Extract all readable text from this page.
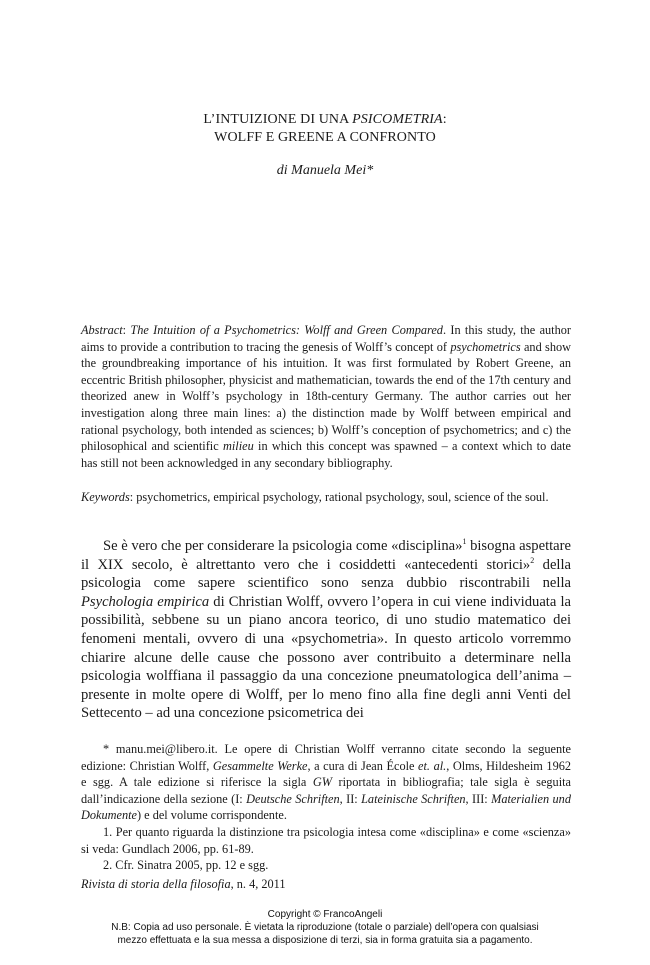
L’INTUIZIONE DI UNA PSICOMETRIA:
WOLFF E GREENE A CONFRONTO
di Manuela Mei*
Abstract: The Intuition of a Psychometrics: Wolff and Green Compared. In this study, the author aims to provide a contribution to tracing the genesis of Wolff’s concept of psychometrics and show the groundbreaking importance of his intuition. It was first formulated by Robert Greene, an eccentric British philosopher, physicist and mathematician, towards the end of the 17th century and theorized anew in Wolff’s psychology in 18th-century Germany. The author carries out her investigation along three main lines: a) the distinction made by Wolff between empirical and rational psychology, both intended as sciences; b) Wolff’s conception of psychometrics; and c) the philosophical and scientific milieu in which this concept was spawned – a context which to date has still not been acknowledged in any secondary bibliography.
Keywords: psychometrics, empirical psychology, rational psychology, soul, science of the soul.

Se è vero che per considerare la psicologia come «disciplina»$^1$ bisogna aspettare il XIX secolo, è altrettanto vero che i cosiddetti «antecedenti storici»$^2$ della psicologia come sapere scientifico sono senza dubbio riscontrabili nella Psychologia empirica di Christian Wolff, ovvero l’opera in cui viene individuata la possibilità, sebbene su un piano ancora teorico, di uno studio matematico dei fenomeni mentali, ovvero di una «psychometria». In questo articolo vorremmo chiarire alcune delle cause che possono aver contribuito a determinare nella psicologia wolffiana il passaggio da una concezione pneumatologica dell’anima – presente in molte opere di Wolff, per lo meno fino alla fine degli anni Venti del Settecento – ad una concezione psicometrica dei

* manu.mei@libero.it. Le opere di Christian Wolff verranno citate secondo la seguente edizione: Christian Wolff, Gesammelte Werke, a cura di Jean École et. al., Olms, Hildesheim 1962 e sgg. A tale edizione si riferisce la sigla GW riportata in bibliografia; tale sigla è seguita dall’indicazione della sezione (I: Deutsche Schriften, II: Lateinische Schriften, III: Materialien und Dokumente) e del volume corrispondente.

1. Per quanto riguarda la distinzione tra psicologia intesa come «disciplina» e come «scienza» si veda: Gundlach 2006, pp. 61-89.

2. Cfr. Sinatra 2005, pp. 12 e sgg.

Rivista di storia della filosofia, n. 4, 2011
Copyright © FrancoAngeli
N.B: Copia ad uso personale. È vietata la riproduzione (totale o parziale) dell’opera con qualsiasi
mezzo effettuata e la sua messa a disposizione di terzi, sia in forma gratuita sia a pagamento.
